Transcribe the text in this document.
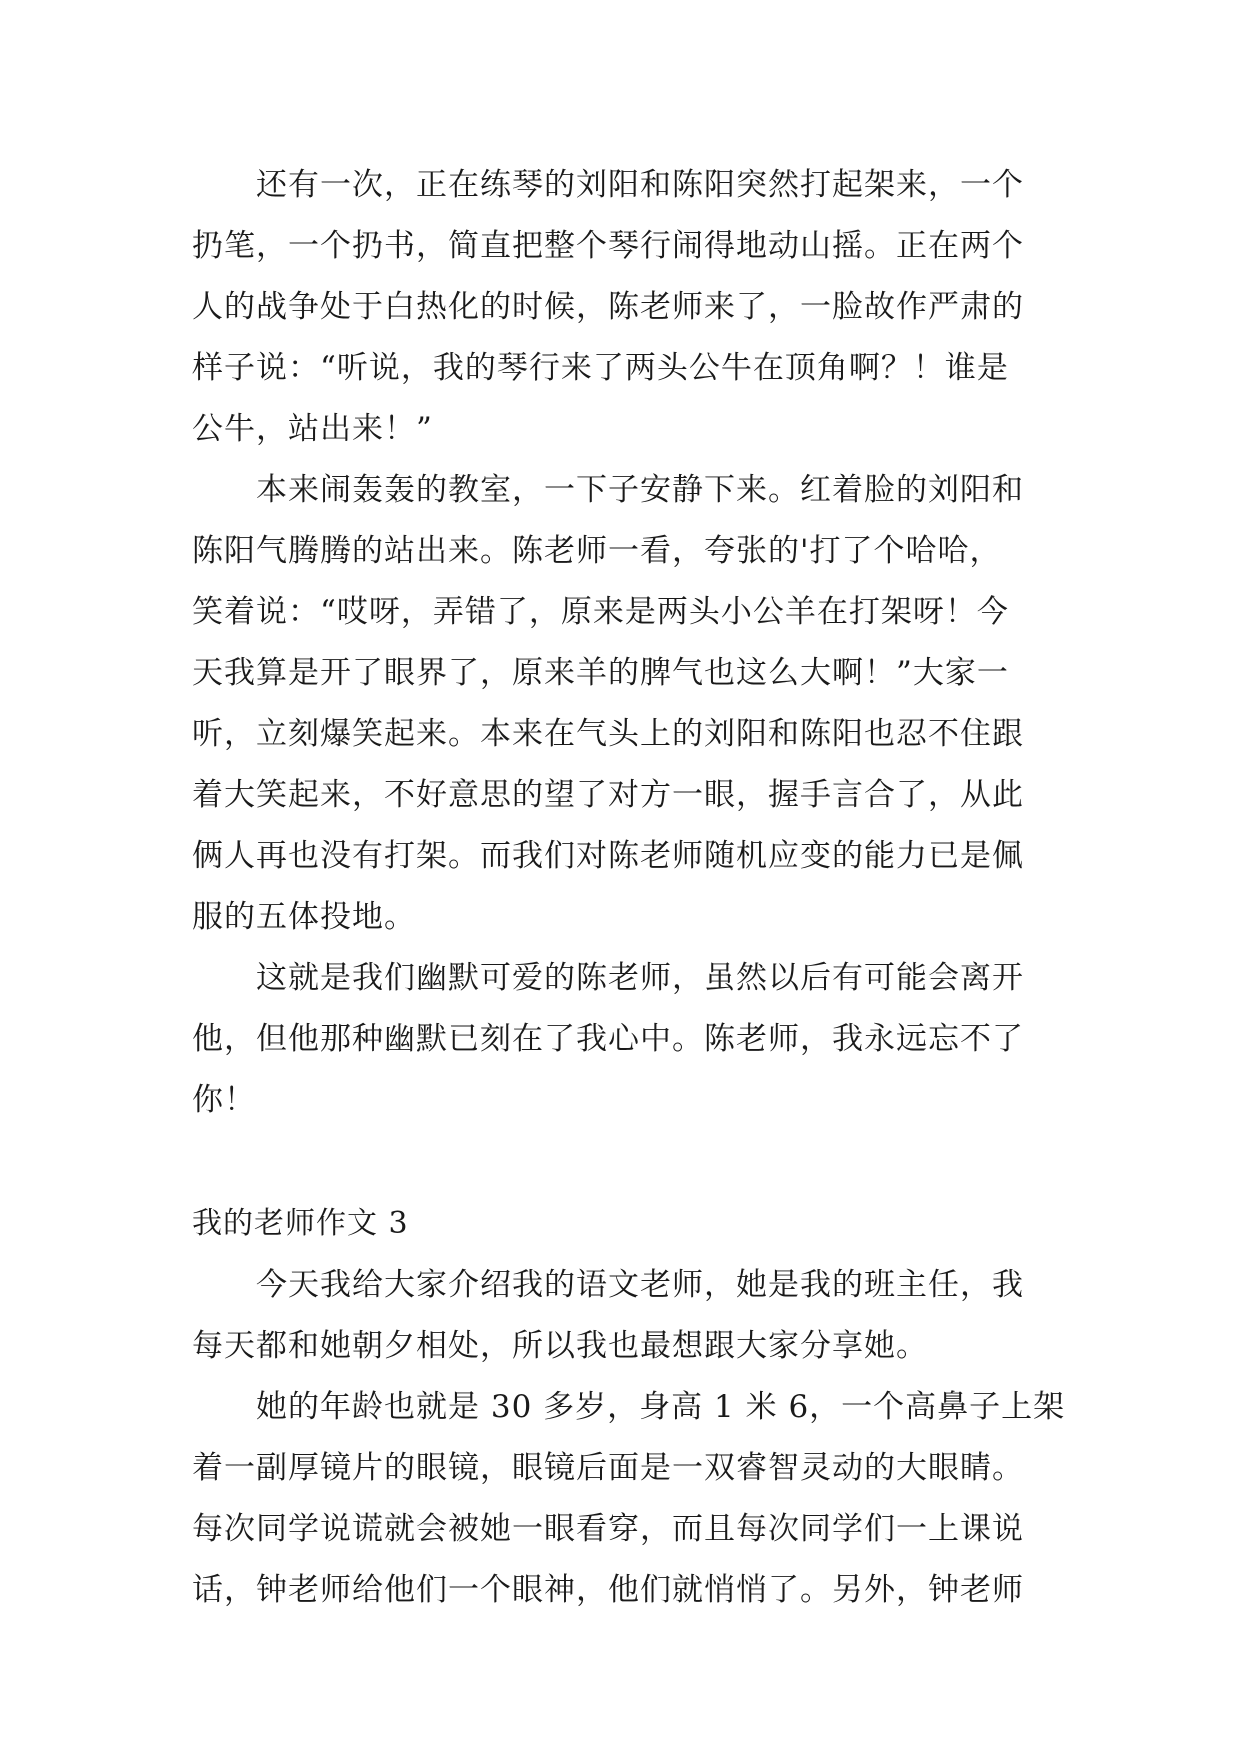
还有一次，正在练琴的刘阳和陈阳突然打起架来，一个
扔笔，一个扔书，简直把整个琴行闹得地动山摇。正在两个
人的战争处于白热化的时候，陈老师来了，一脸故作严肃的
样子说：“听说，我的琴行来了两头公牛在顶角啊？！谁是
公牛，站出来！”
本来闹轰轰的教室，一下子安静下来。红着脸的刘阳和
陈阳气腾腾的站出来。陈老师一看，夸张的'打了个哈哈，
笑着说：“哎呀，弄错了，原来是两头小公羊在打架呀！今
天我算是开了眼界了，原来羊的脾气也这么大啊！”大家一
听，立刻爆笑起来。本来在气头上的刘阳和陈阳也忍不住跟
着大笑起来，不好意思的望了对方一眼，握手言合了，从此
俩人再也没有打架。而我们对陈老师随机应变的能力已是佩
服的五体投地。
这就是我们幽默可爱的陈老师，虽然以后有可能会离开
他，但他那种幽默已刻在了我心中。陈老师，我永远忘不了
你！
我的老师作文 3
今天我给大家介绍我的语文老师，她是我的班主任，我
每天都和她朝夕相处，所以我也最想跟大家分享她。
她的年龄也就是 30 多岁，身高 1 米 6，一个高鼻子上架
着一副厚镜片的眼镜，眼镜后面是一双睿智灵动的大眼睛。
每次同学说谎就会被她一眼看穿，而且每次同学们一上课说
话，钟老师给他们一个眼神，他们就悄悄了。另外，钟老师
